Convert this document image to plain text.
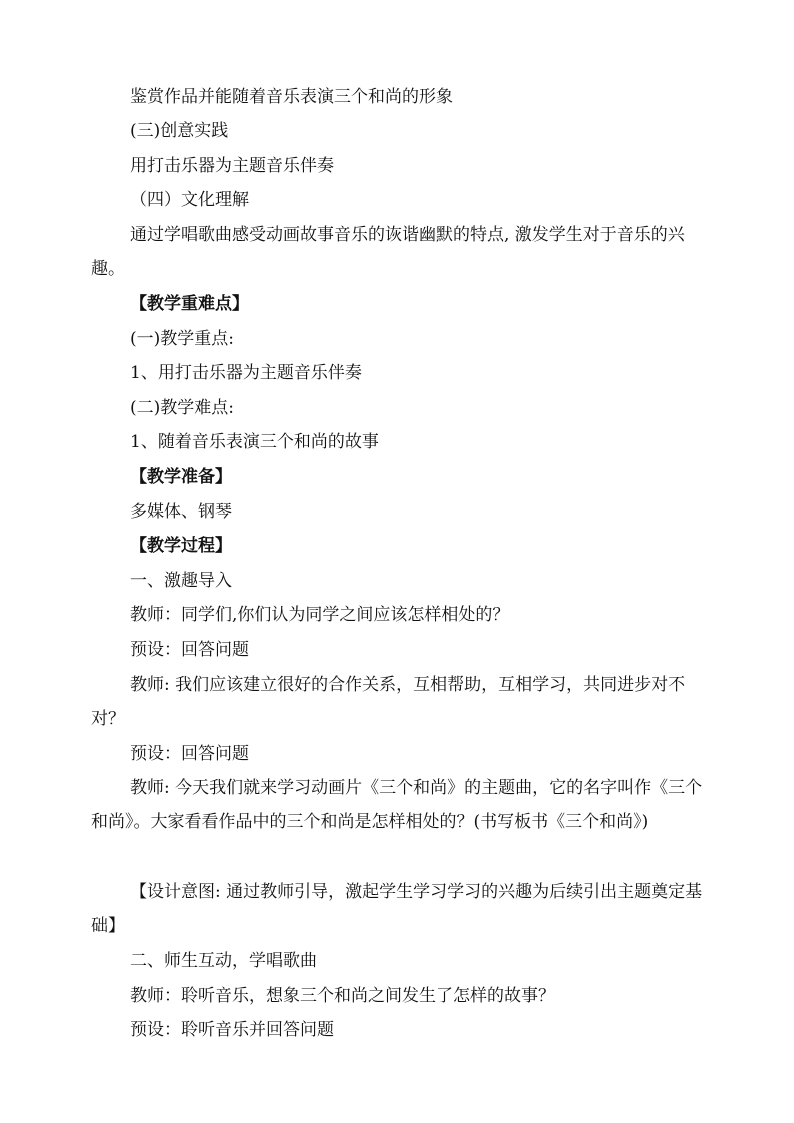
鉴赏作品并能随着音乐表演三个和尚的形象

(三)创意实践

用打击乐器为主题音乐伴奏

（四）文化理解

通过学唱歌曲感受动画故事音乐的诙谐幽默的特点, 激发学生对于音乐的兴趣。

【教学重难点】

(一)教学重点:

1、用打击乐器为主题音乐伴奏

(二)教学难点:

1、随着音乐表演三个和尚的故事

【教学准备】

多媒体、钢琴

【教学过程】

一、激趣导入

教师：同学们,你们认为同学之间应该怎样相处的？

预设：回答问题

教师: 我们应该建立很好的合作关系，互相帮助，互相学习，共同进步对不对？

预设：回答问题

教师: 今天我们就来学习动画片《三个和尚》的主题曲，它的名字叫作《三个和尚》。大家看看作品中的三个和尚是怎样相处的？(书写板书《三个和尚》)

【设计意图: 通过教师引导，激起学生学习学习的兴趣为后续引出主题奠定基础】

二、师生互动，学唱歌曲

教师：聆听音乐，想象三个和尚之间发生了怎样的故事？

预设：聆听音乐并回答问题
